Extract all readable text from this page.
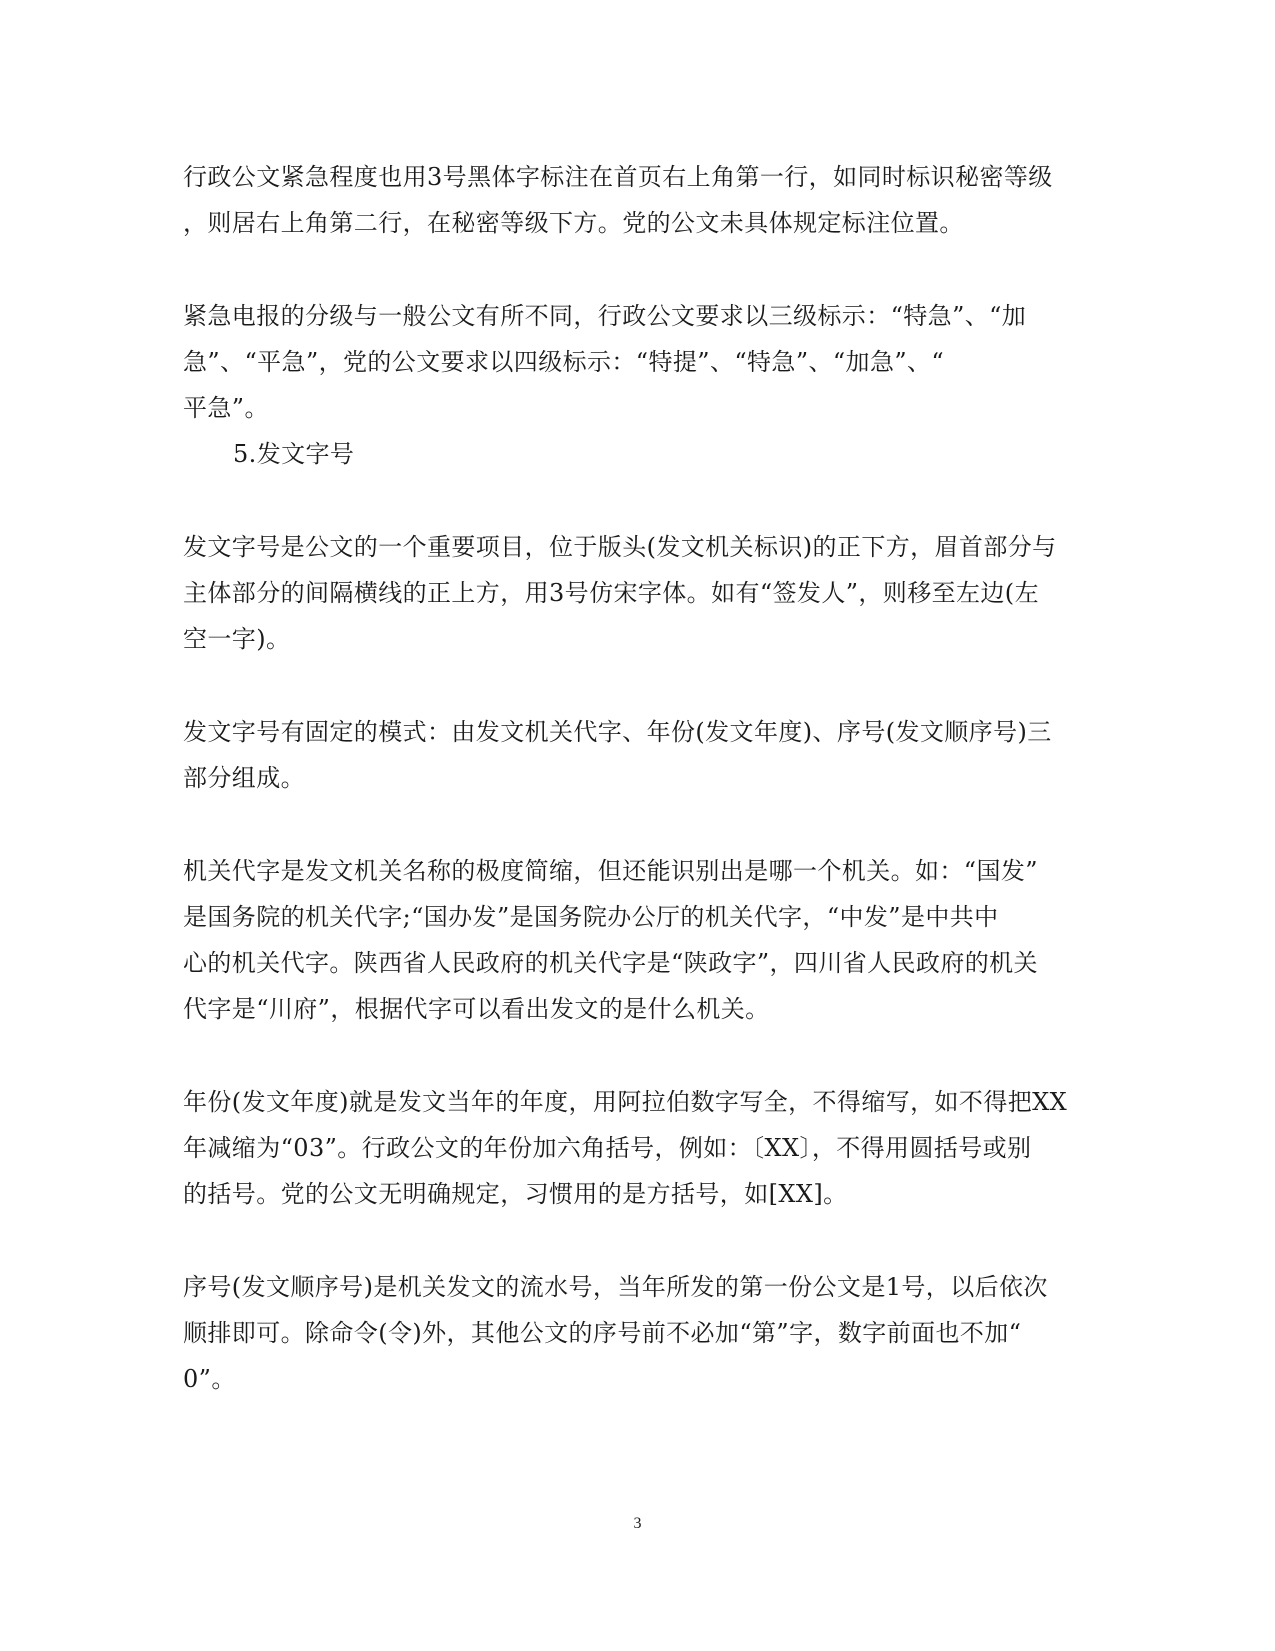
行政公文紧急程度也用3号黑体字标注在首页右上角第一行，如同时标识秘密等级
，则居右上角第二行，在秘密等级下方。党的公文未具体规定标注位置。
紧急电报的分级与一般公文有所不同，行政公文要求以三级标示：“特急”、“加
急”、“平急”，党的公文要求以四级标示：“特提”、“特急”、“加急”、“
平急”。
5.发文字号
发文字号是公文的一个重要项目，位于版头(发文机关标识)的正下方，眉首部分与
主体部分的间隔横线的正上方，用3号仿宋字体。如有“签发人”，则移至左边(左
空一字)。
发文字号有固定的模式：由发文机关代字、年份(发文年度)、序号(发文顺序号)三
部分组成。
机关代字是发文机关名称的极度简缩，但还能识别出是哪一个机关。如：“国发”
是国务院的机关代字;“国办发”是国务院办公厅的机关代字，“中发”是中共中
心的机关代字。陕西省人民政府的机关代字是“陕政字”，四川省人民政府的机关
代字是“川府”，根据代字可以看出发文的是什么机关。
年份(发文年度)就是发文当年的年度，用阿拉伯数字写全，不得缩写，如不得把XX
年减缩为“03”。行政公文的年份加六角括号，例如：〔XX〕，不得用圆括号或别
的括号。党的公文无明确规定，习惯用的是方括号，如[XX]。
序号(发文顺序号)是机关发文的流水号，当年所发的第一份公文是1号，以后依次
顺排即可。除命令(令)外，其他公文的序号前不必加“第”字，数字前面也不加“
0”。
3
